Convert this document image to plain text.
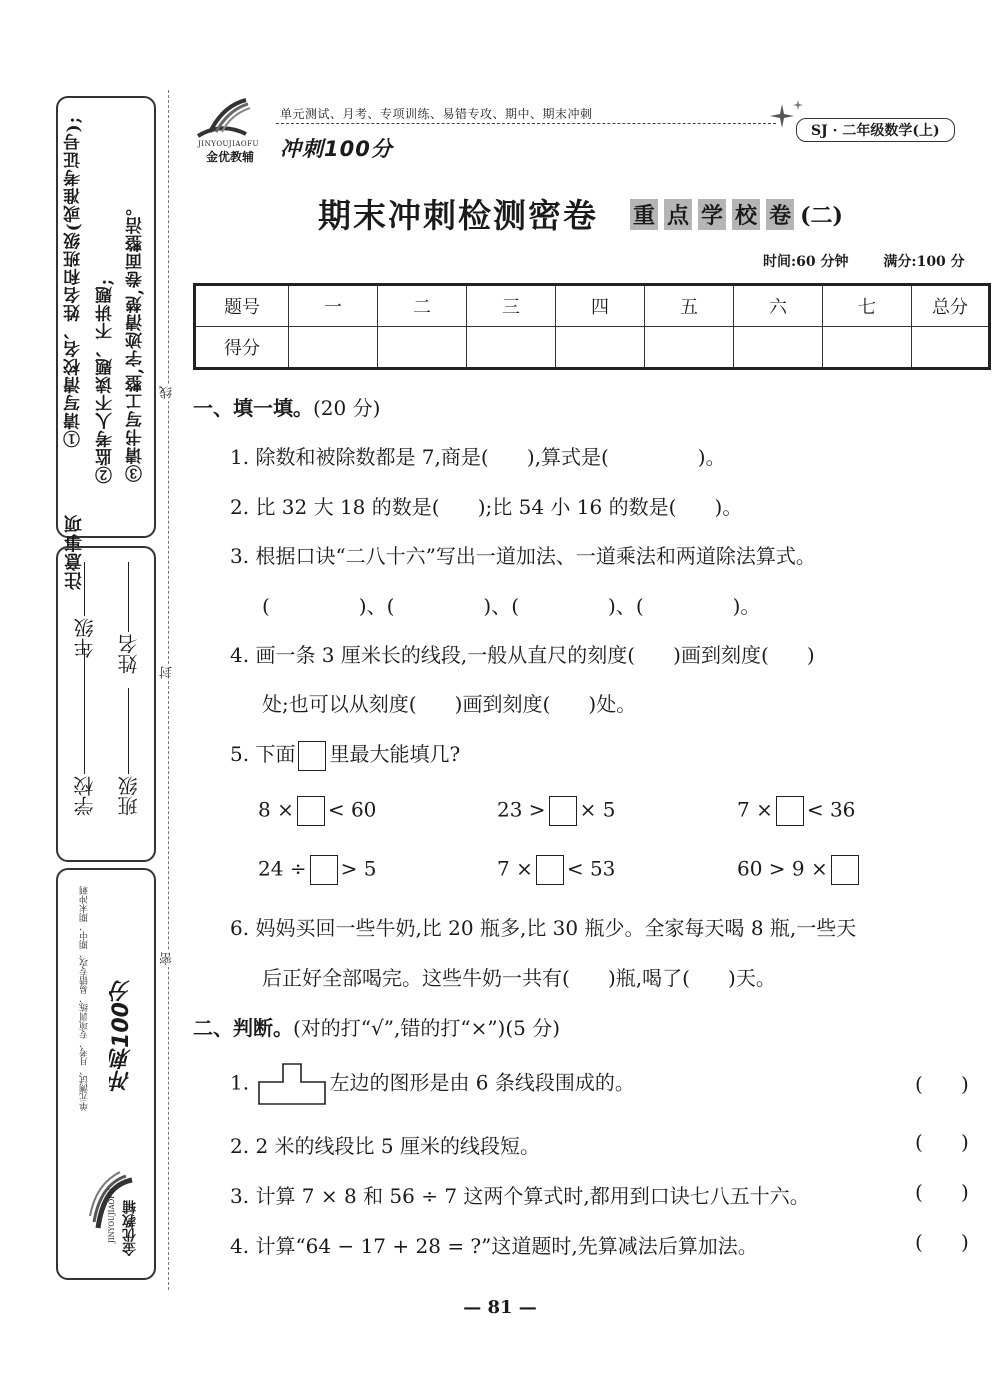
注意事项
①请写清校名、姓名和班级(或准考证号); ②监考人不读题、不讲题; ③请书写工整,字迹清楚,卷面整洁。
学校
年级
班级
姓名
单元测试、月考、专项训练、易错专攻、期中、期末冲刺 冲刺100分
金优教辅
JINYOUJIAOFU
线
封
密
JINYOUJIAOFU
金优教辅
单元测试、月考、专项训练、易错专攻、期中、期末冲刺
冲刺100分
SJ · 二年级数学(上)
期末冲刺检测密卷 重 点 学 校 卷 (二)
时间:60 分钟 满分:100 分
题号	一	二	三	四	五	六	七	总分
得分								
一、填一填。(20 分)
1. 除数和被除数都是 7,商是(      ),算式是(              )。
2. 比 32 大 18 的数是(      );比 54 小 16 的数是(      )。
3. 根据口诀“二八十六”写出一道加法、一道乘法和两道除法算式。
(              )、(              )、(              )、(              )。
4. 画一条 3 厘米长的线段,一般从直尺的刻度(      )画到刻度(      )
处;也可以从刻度(      )画到刻度(      )处。
5. 下面 里最大能填几?
8 × < 60	23 > × 5	7 × < 36
24 ÷ > 5	7 × < 53	60 > 9 ×
6. 妈妈买回一些牛奶,比 20 瓶多,比 30 瓶少。全家每天喝 8 瓶,一些天
后正好全部喝完。这些牛奶一共有(      )瓶,喝了(      )天。
二、判断。(对的打“√”,错的打“×”)(5 分)
1.	左边的图形是由 6 条线段围成的。	(      )
2. 2 米的线段比 5 厘米的线段短。	(      )
3. 计算 7 × 8 和 56 ÷ 7 这两个算式时,都用到口诀七八五十六。	(      )
4. 计算“64 − 17 + 28 = ?”这道题时,先算减法后算加法。	(      )
— 81 —
